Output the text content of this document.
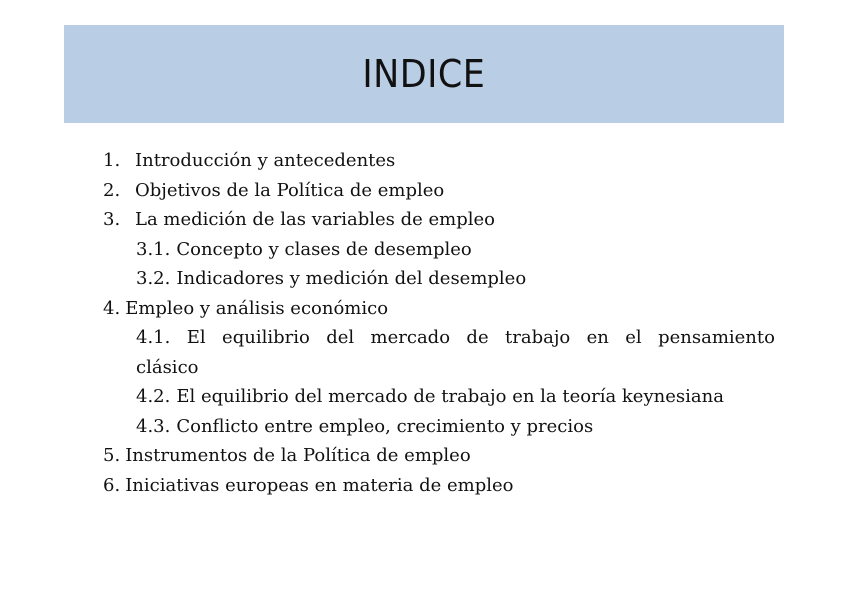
INDICE
1. Introducción y antecedentes
2. Objetivos de la Política de empleo
3. La medición de las variables de empleo
3.1. Concepto y clases de desempleo
3.2. Indicadores y medición del desempleo
4. Empleo y análisis económico
4.1. El equilibrio del mercado de trabajo en el pensamiento
clásico
4.2. El equilibrio del mercado de trabajo en la teoría keynesiana
4.3. Conflicto entre empleo, crecimiento y precios
5. Instrumentos de la Política de empleo
6. Iniciativas europeas en materia de empleo
